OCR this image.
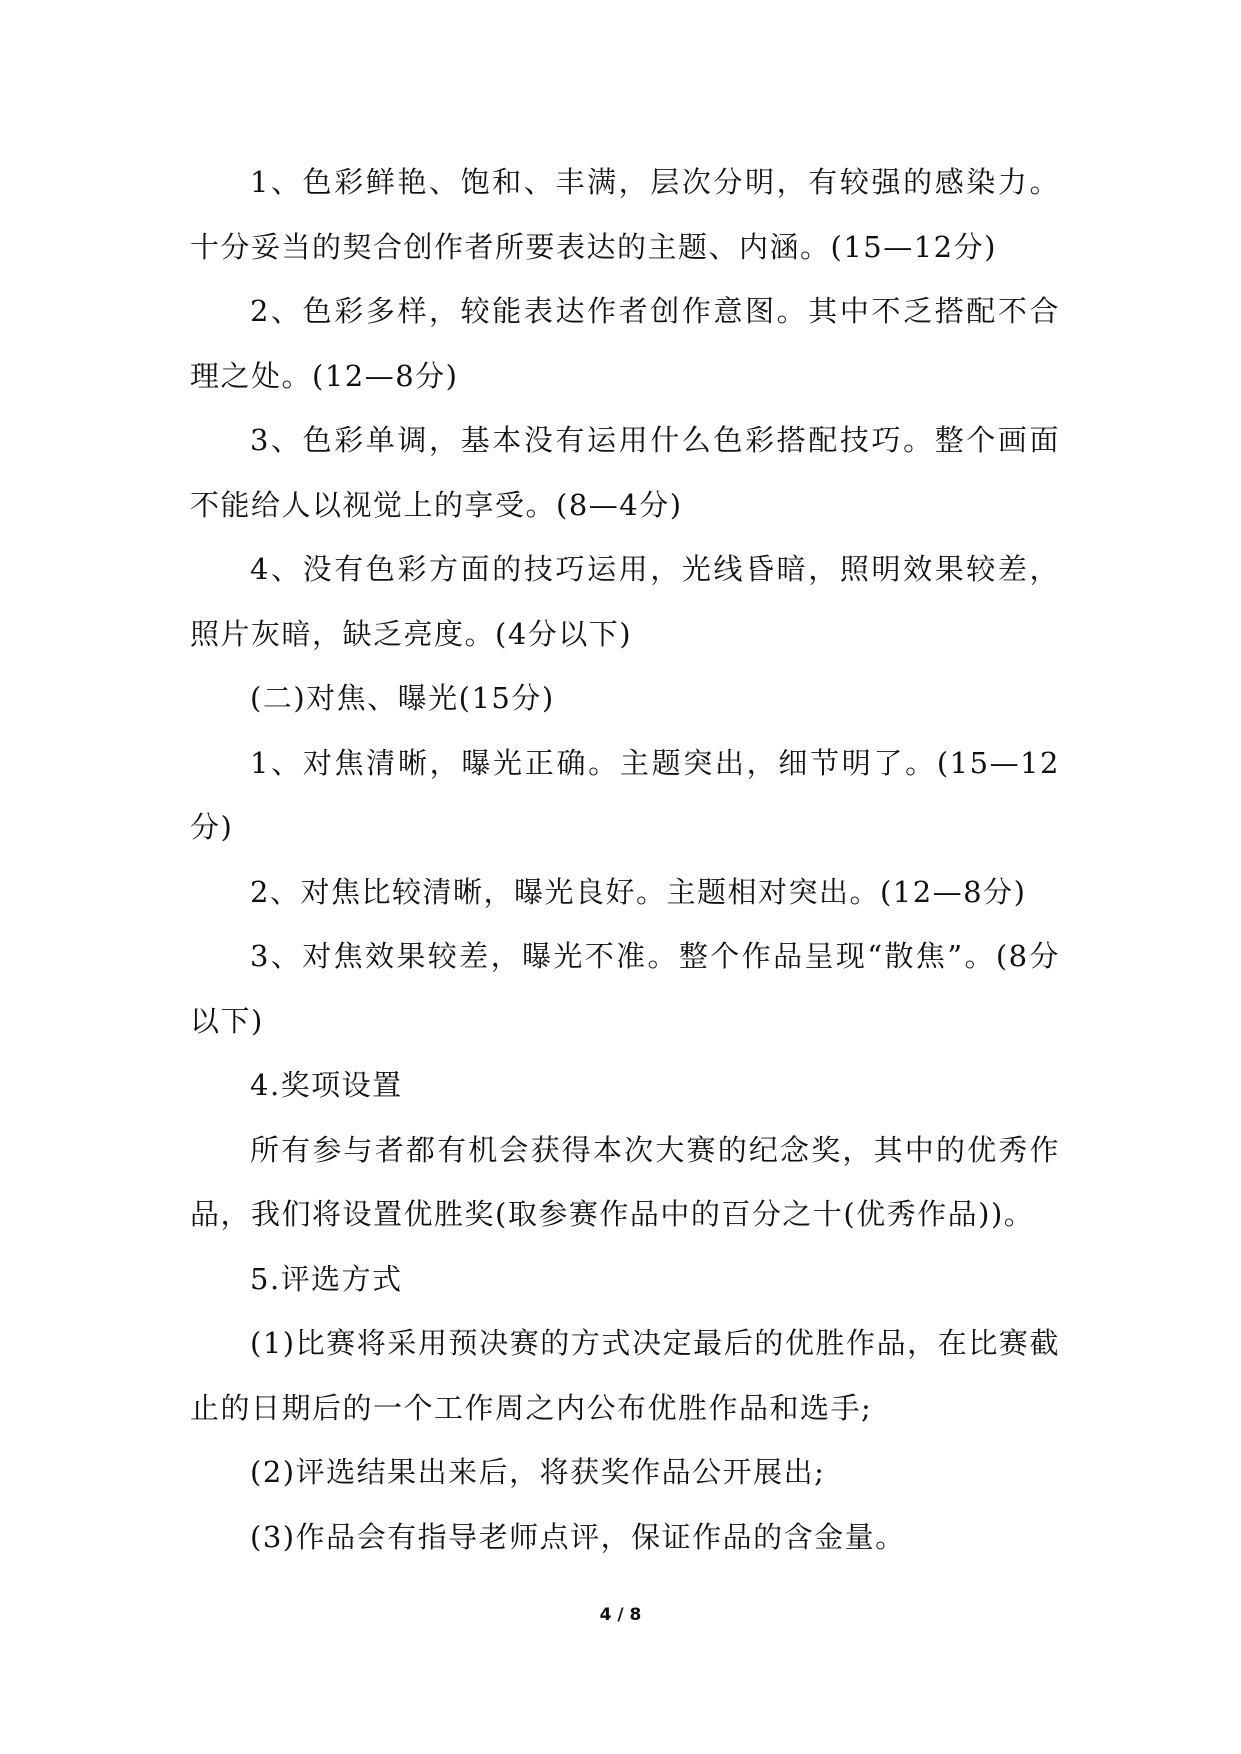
1、色彩鲜艳、饱和、丰满，层次分明，有较强的感染力。十分妥当的契合创作者所要表达的主题、内涵。(15—12分)

2、色彩多样，较能表达作者创作意图。其中不乏搭配不合理之处。(12—8分)

3、色彩单调，基本没有运用什么色彩搭配技巧。整个画面不能给人以视觉上的享受。(8—4分)

4、没有色彩方面的技巧运用，光线昏暗，照明效果较差，照片灰暗，缺乏亮度。(4分以下)

(二)对焦、曝光(15分)

1、对焦清晰，曝光正确。主题突出，细节明了。(15—12分)

2、对焦比较清晰，曝光良好。主题相对突出。(12—8分)

3、对焦效果较差，曝光不准。整个作品呈现“散焦”。(8分以下)

4.奖项设置

所有参与者都有机会获得本次大赛的纪念奖，其中的优秀作品，我们将设置优胜奖(取参赛作品中的百分之十(优秀作品))。

5.评选方式

(1)比赛将采用预决赛的方式决定最后的优胜作品，在比赛截止的日期后的一个工作周之内公布优胜作品和选手;

(2)评选结果出来后，将获奖作品公开展出;

(3)作品会有指导老师点评，保证作品的含金量。

4 / 8
